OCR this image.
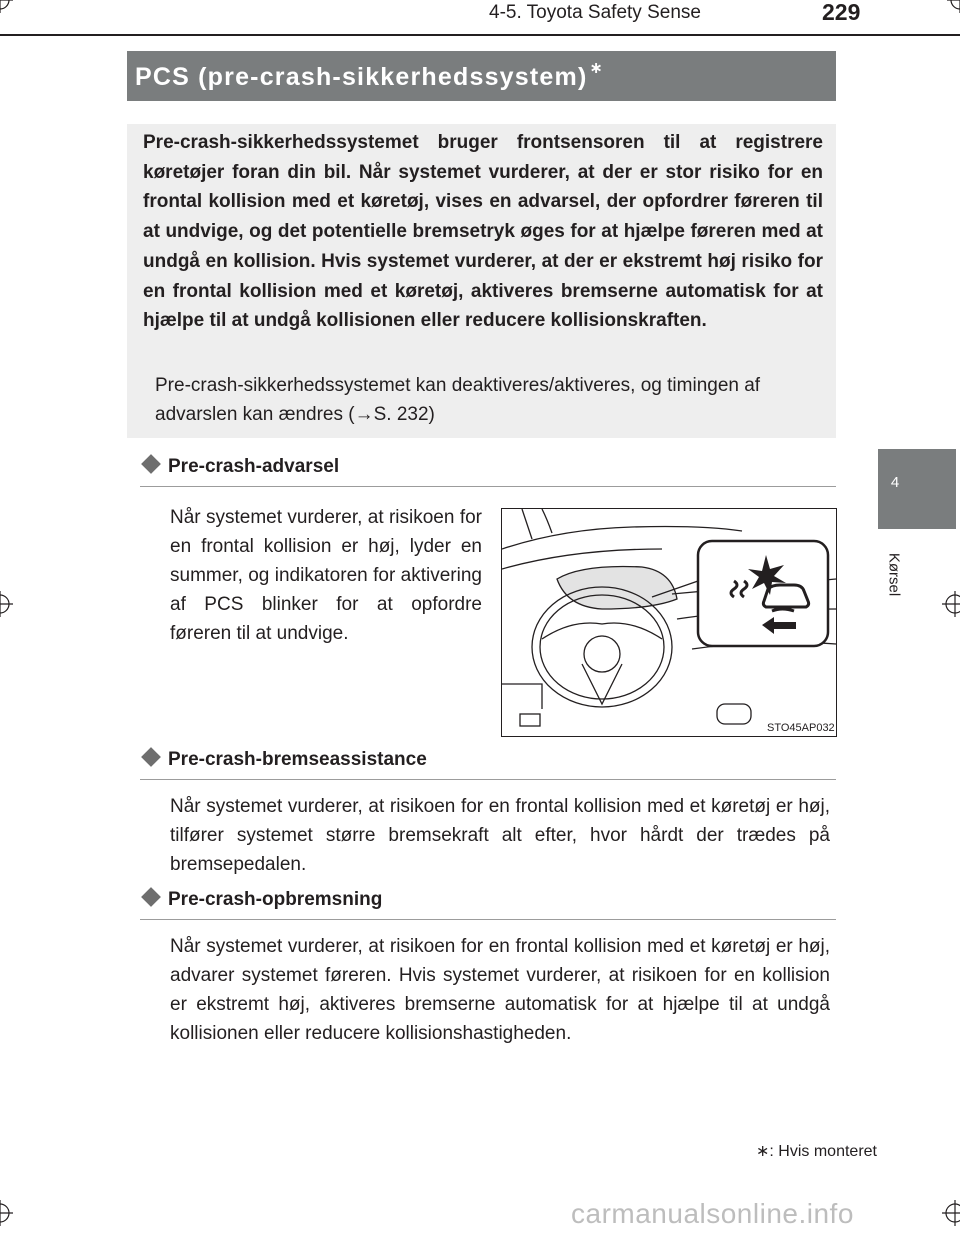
4-5. Toyota Safety Sense	229
4
Kørsel
PCS (pre-crash-sikkerhedssystem) ∗
Pre-crash-sikkerhedssystemet bruger frontsensoren til at registrere køretøjer foran din bil. Når systemet vurderer, at der er stor risiko for en frontal kollision med et køretøj, vises en advarsel, der opfordrer føreren til at undvige, og det potentielle bremsetryk øges for at hjælpe føreren med at undgå en kollision. Hvis systemet vurderer, at der er ekstremt høj risiko for en frontal kollision med et køretøj, aktiveres bremserne automatisk for at hjælpe til at undgå kollisionen eller reducere kollisionskraften.
Pre-crash-sikkerhedssystemet kan deaktiveres/aktiveres, og timingen af advarslen kan ændres (→S. 232)
Pre-crash-advarsel
Når systemet vurderer, at risikoen for en frontal kollision er høj, lyder en summer, og indikatoren for aktivering af PCS blinker for at opfordre føreren til at undvige.
STO45AP032
Pre-crash-bremseassistance
Når systemet vurderer, at risikoen for en frontal kollision med et køretøj er høj, tilfører systemet større bremsekraft alt efter, hvor hårdt der trædes på bremsepedalen.
Pre-crash-opbremsning
Når systemet vurderer, at risikoen for en frontal kollision med et køretøj er høj, advarer systemet føreren. Hvis systemet vurderer, at risikoen for en kollision er ekstremt høj, aktiveres bremserne automatisk for at hjælpe til at undgå kollisionen eller reducere kollisionshastigheden.
∗: Hvis monteret
carmanualsonline.info
